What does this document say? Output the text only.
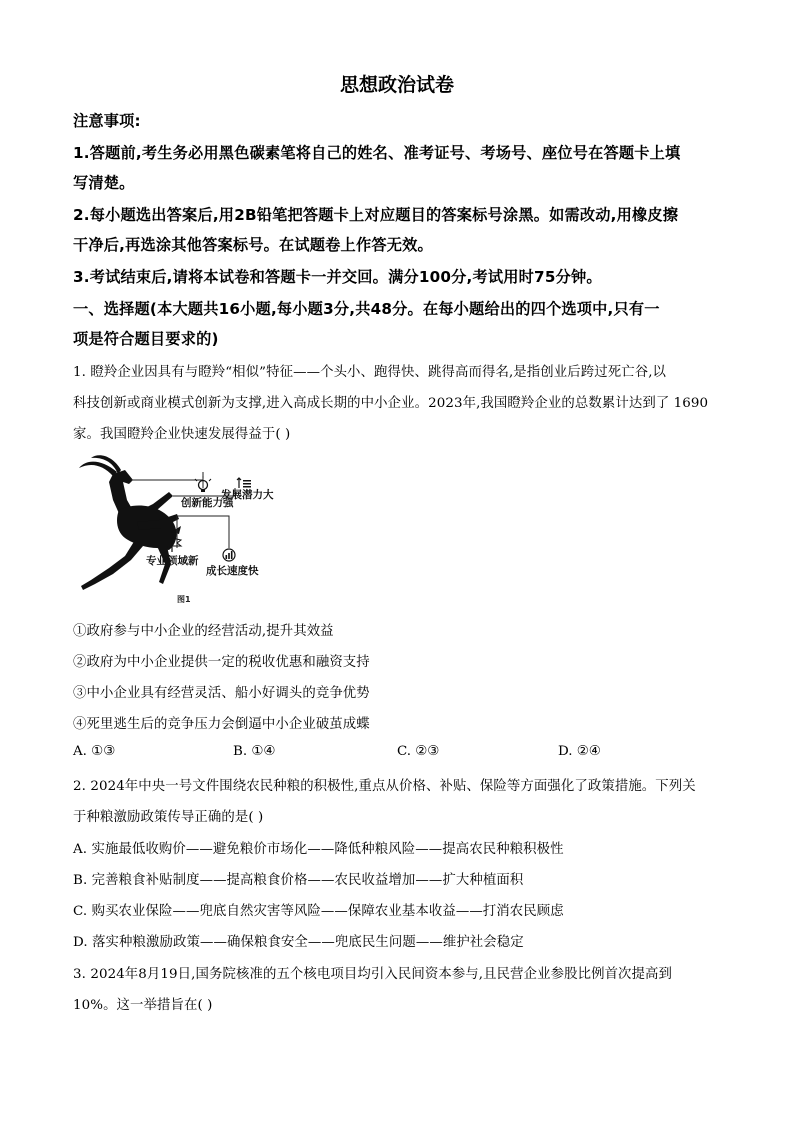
思想政治试卷
注意事项:
1.答题前,考生务必用黑色碳素笔将自己的姓名、准考证号、考场号、座位号在答题卡上填
写清楚。
2.每小题选出答案后,用2B铅笔把答题卡上对应题目的答案标号涂黑。如需改动,用橡皮擦
干净后,再选涂其他答案标号。在试题卷上作答无效。
3.考试结束后,请将本试卷和答题卡一并交回。满分100分,考试用时75分钟。
一、选择题(本大题共16小题,每小题3分,共48分。在每小题给出的四个选项中,只有一
项是符合题目要求的)
1. 瞪羚企业因具有与瞪羚“相似”特征——个头小、跑得快、跳得高而得名,是指创业后跨过死亡谷,以
科技创新或商业模式创新为支撑,进入高成长期的中小企业。2023年,我国瞪羚企业的总数累计达到了 1690
家。我国瞪羚企业快速发展得益于( )
创新能力强
发展潜力大
专业领域新
成长速度快
图1
①政府参与中小企业的经营活动,提升其效益
②政府为中小企业提供一定的税收优惠和融资支持
③中小企业具有经营灵活、船小好调头的竞争优势
④死里逃生后的竞争压力会倒逼中小企业破茧成蝶
A. ①③	B. ①④	C. ②③	D. ②④
2. 2024年中央一号文件围绕农民种粮的积极性,重点从价格、补贴、保险等方面强化了政策措施。下列关
于种粮激励政策传导正确的是( )
A. 实施最低收购价——避免粮价市场化——降低种粮风险——提高农民种粮积极性
B. 完善粮食补贴制度——提高粮食价格——农民收益增加——扩大种植面积
C. 购买农业保险——兜底自然灾害等风险——保障农业基本收益——打消农民顾虑
D. 落实种粮激励政策——确保粮食安全——兜底民生问题——维护社会稳定
3. 2024年8月19日,国务院核准的五个核电项目均引入民间资本参与,且民营企业参股比例首次提高到
10%。这一举措旨在( )
